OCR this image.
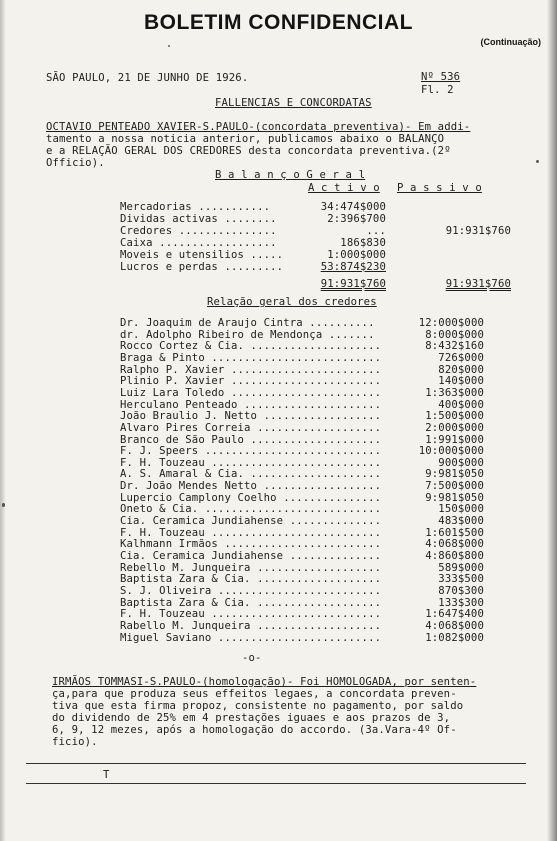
BOLETIM CONFIDENCIAL
(Continuação)
SÃO PAULO, 21 DE JUNHO DE 1926.	Nº 536
Fl. 2
FALLENCIAS E CONCORDATAS
OCTAVIO PENTEADO XAVIER-S.PAULO-(concordata preventiva)- Em addi-
tamento a nossa noticia anterior, publicamos abaixo o BALANÇO
e a RELAÇÃO GERAL DOS CREDORES desta concordata preventiva.(2º
Officio).
B a l a n ç o G e r a l
A c t i v o P a s s i v o
Mercadorias ...........	34:474$000
Dividas activas ........	2:396$700
Credores ...............	...	91:931$760
Caixa ..................	186$830
Moveis e utensilios .....	1:000$000
Lucros e perdas .........	53:874$230
91:931$760	91:931$760
Relação geral dos credores
Dr. Joaquim de Araujo Cintra ..........	12:000$000
dr. Adolpho Ribeiro de Mendonça .......	8:000$000
Rocco Cortez & Cia. ....................	8:432$160
Braga & Pinto ..........................	726$000
Ralpho P. Xavier .......................	820$000
Plinio P. Xavier .......................	140$000
Luiz Lara Toledo .......................	1:363$000
Herculano Penteado .....................	400$000
João Braulio J. Netto ..................	1:500$000
Alvaro Pires Correia ...................	2:000$000
Branco de São Paulo ....................	1:991$000
F. J. Speers ...........................	10:000$000
F. H. Touzeau ..........................	900$000
A. S. Amaral & Cia. ....................	9:981$050
Dr. João Mendes Netto ..................	7:500$000
Lupercio Camplony Coelho ...............	9:981$050
Oneto & Cia. ...........................	150$000
Cia. Ceramica Jundiahense ..............	483$000
F. H. Touzeau ..........................	1:601$500
Kalhmann Irmãos ........................	4:068$000
Cia. Ceramica Jundiahense ..............	4:860$800
Rebello M. Junqueira ...................	589$000
Baptista Zara & Cia. ...................	333$500
S. J. Oliveira .........................	870$300
Baptista Zara & Cia. ...................	133$300
F. H. Touzeau ..........................	1:647$400
Rabello M. Junqueira ...................	4:068$000
Miguel Saviano .........................	1:082$000
-o-
IRMÃOS TOMMASI-S.PAULO-(homologação)- Foi HOMOLOGADA, por senten-
ça,para que produza seus effeitos legaes, a concordata preven-
tiva que esta firma propoz, consistente no pagamento, por saldo
do dividendo de 25% em 4 prestações iguaes e aos prazos de 3,
6, 9, 12 mezes, após a homologação do accordo. (3a.Vara-4º Of-
ficio).
T
